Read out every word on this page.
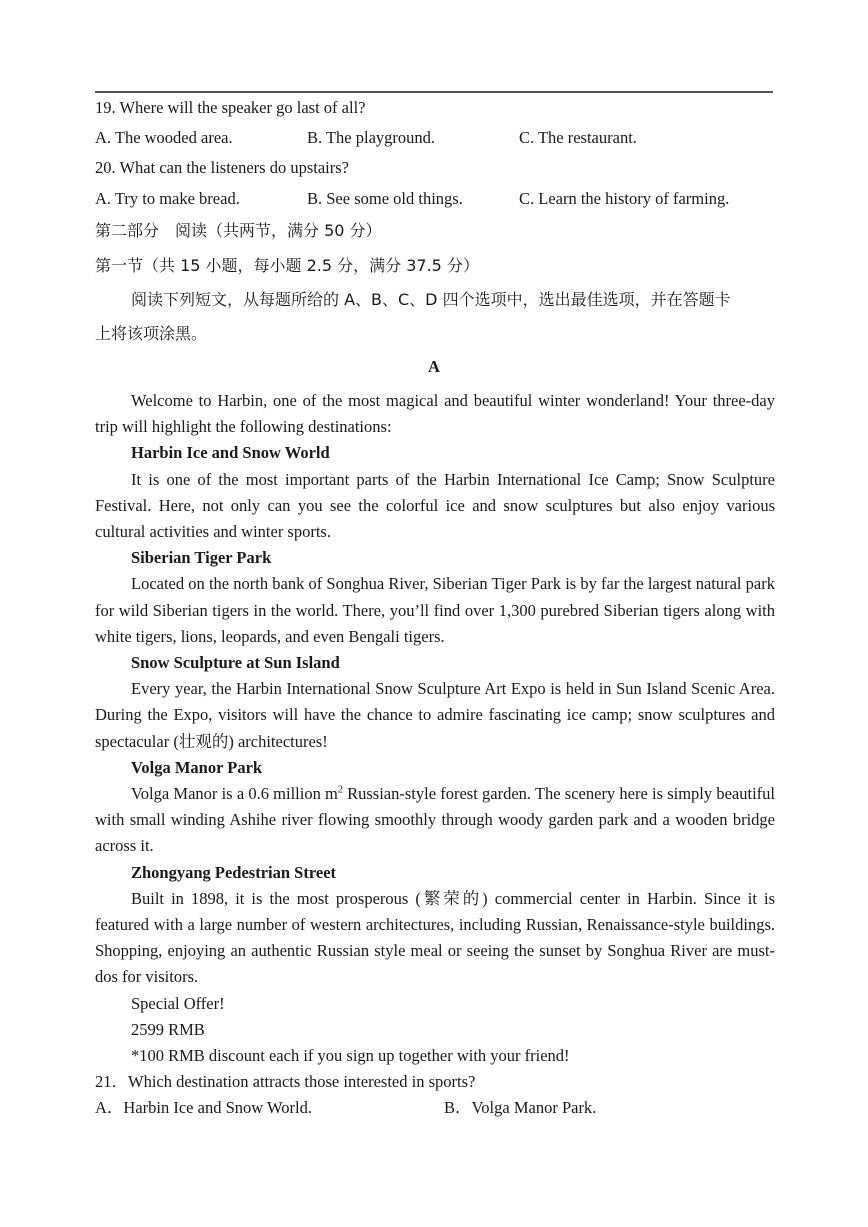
19. Where will the speaker go last of all?
A. The wooded area.	B. The playground.	C. The restaurant.
20. What can the listeners do upstairs?
A. Try to make bread.	B. See some old things.	C. Learn the history of farming.
第二部分　阅读（共两节，满分 50 分）
第一节（共 15 小题，每小题 2.5 分，满分 37.5 分）
阅读下列短文，从每题所给的 A、B、C、D 四个选项中，选出最佳选项，并在答题卡
上将该项涂黑。
A

Welcome to Harbin, one of the most magical and beautiful winter wonderland! Your three-day trip will highlight the following destinations:

Harbin Ice and Snow World

It is one of the most important parts of the Harbin International Ice Camp; Snow Sculpture Festival. Here, not only can you see the colorful ice and snow sculptures but also enjoy various cultural activities and winter sports.

Siberian Tiger Park

Located on the north bank of Songhua River, Siberian Tiger Park is by far the largest natural park for wild Siberian tigers in the world. There, you’ll find over 1,300 purebred Siberian tigers along with white tigers, lions, leopards, and even Bengali tigers.

Snow Sculpture at Sun Island

Every year, the Harbin International Snow Sculpture Art Expo is held in Sun Island Scenic Area. During the Expo, visitors will have the chance to admire fascinating ice camp; snow sculptures and spectacular (壮观的) architectures!

Volga Manor Park

Volga Manor is a 0.6 million $m^2$ Russian-style forest garden. The scenery here is simply beautiful with small winding Ashihe river flowing smoothly through woody garden park and a wooden bridge across it.

Zhongyang Pedestrian Street

Built in 1898, it is the most prosperous (繁荣的) commercial center in Harbin. Since it is featured with a large number of western architectures, including Russian, Renaissance-style buildings. Shopping, enjoying an authentic Russian style meal or seeing the sunset by Songhua River are must-dos for visitors.

Special Offer!

2599 RMB

*100 RMB discount each if you sign up together with your friend!

21．Which destination attracts those interested in sports?
A．Harbin Ice and Snow World.	B．Volga Manor Park.
